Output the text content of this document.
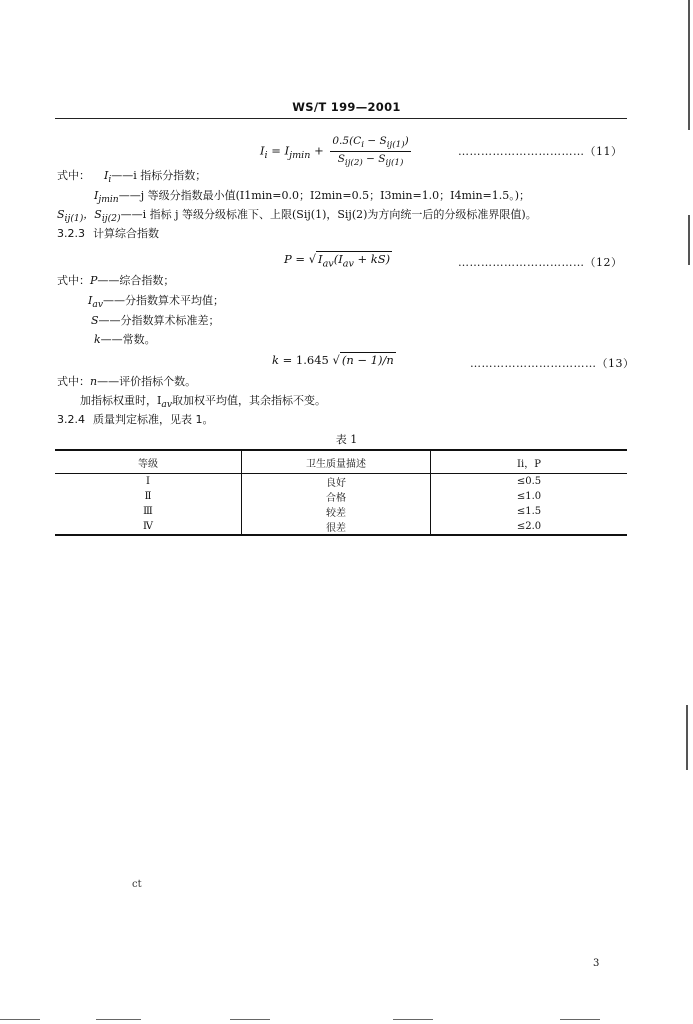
WS/T 199—2001
$I_i = I_{jmin} + \frac{0.5(C_i - S_{ij(1)})}{S_{ij(2)} - S_{ij(1)}}$	……………………………（11）
式中： $I_i——i$ 指标分指数；
$I_{jmin}——j$ 等级分指数最小值(I1min=0.0；I2min=0.5；I3min=1.0；I4min=1.5。)；
$S_{ij(1)}$，$S_{ij(2)}——i$ 指标 j 等级分级标准下、上限(Sij(1)，Sij(2)为方向统一后的分级标准界限值)。
3.2.3 计算综合指数
P = √ $I_{av}(I_{av} + kS)$	……………………………（12）
式中：P——综合指数；
$I_{av}——$分指数算术平均值；
S——分指数算术标准差；
k——常数。
k = 1.645 √ (n − 1)/n	……………………………（13）
式中：n——评价指标个数。
加指标权重时，$I_{av}$取加权平均值，其余指标不变。
3.2.4 质量判定标准，见表 1。
表 1
等级	卫生质量描述	Ii，P
Ⅰ	良好	≤0.5
Ⅱ	合格	≤1.0
Ⅲ	较差	≤1.5
Ⅳ	很差	≤2.0
ct
3
